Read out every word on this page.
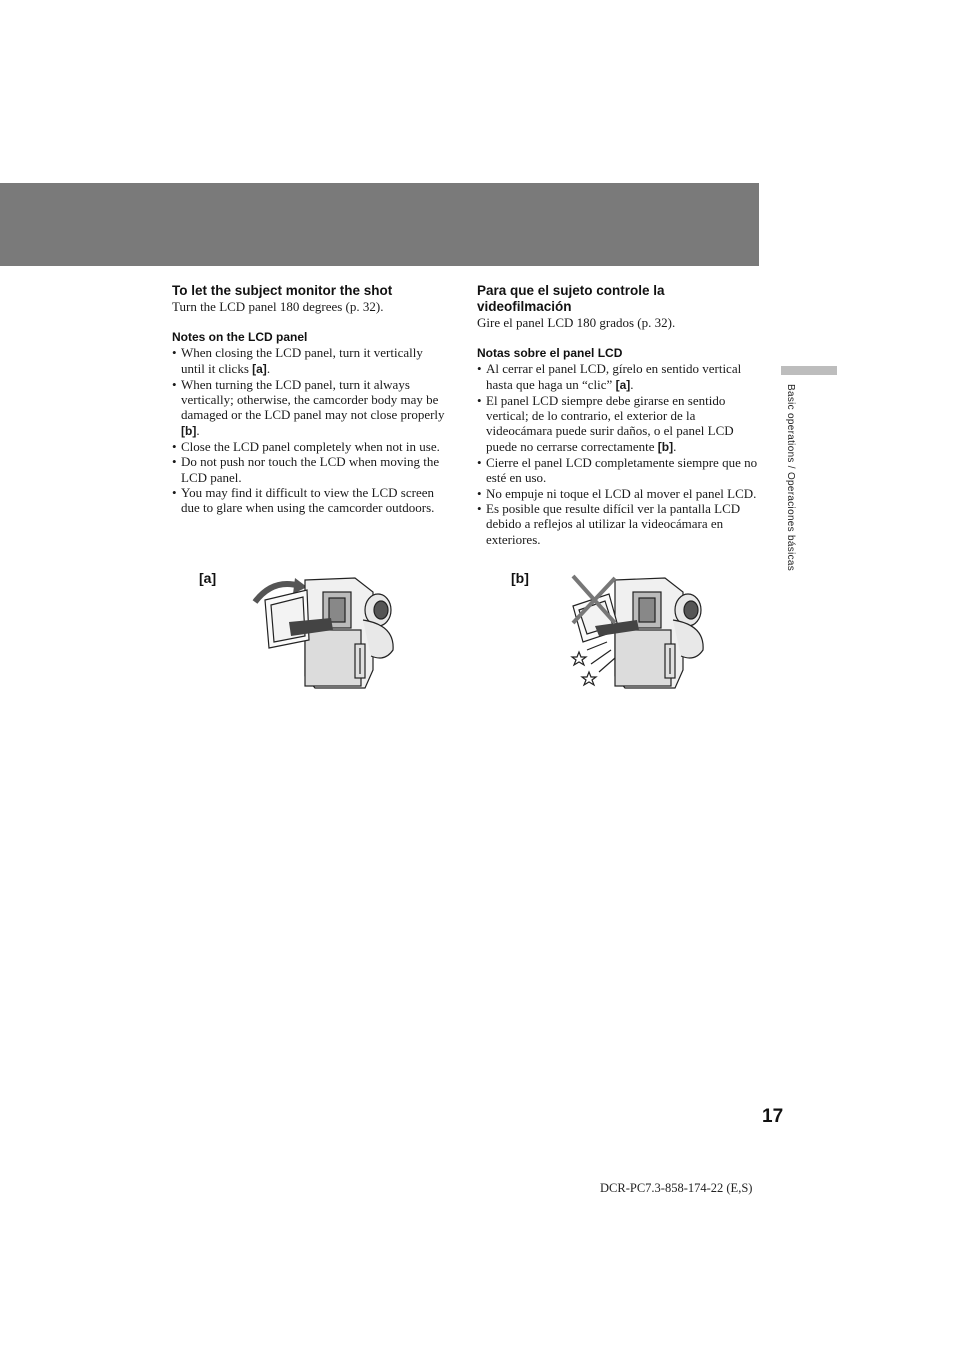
Basic operations / Operaciones básicas
To let the subject monitor the shot

Turn the LCD panel 180 degrees (p. 32).

Notes on the LCD panel
• When closing the LCD panel, turn it vertically until it clicks [a].
• When turning the LCD panel, turn it always vertically; otherwise, the camcorder body may be damaged or the LCD panel may not close properly [b].
• Close the LCD panel completely when not in use.
• Do not push nor touch the LCD when moving the LCD panel.
• You may find it difficult to view the LCD screen due to glare when using the camcorder outdoors.
Para que el sujeto controle la videofilmación

Gire el panel LCD 180 grados (p. 32).

Notas sobre el panel LCD
• Al cerrar el panel LCD, gírelo en sentido vertical hasta que haga un “clic” [a].
• El panel LCD siempre debe girarse en sentido vertical; de lo contrario, el exterior de la videocámara puede surir daños, o el panel LCD puede no cerrarse correctamente [b].
• Cierre el panel LCD completamente siempre que no esté en uso.
• No empuje ni toque el LCD al mover el panel LCD.
• Es posible que resulte difícil ver la pantalla LCD debido a reflejos al utilizar la videocámara en exteriores.
[a]	[b]
17
DCR-PC7.3-858-174-22 (E,S)
